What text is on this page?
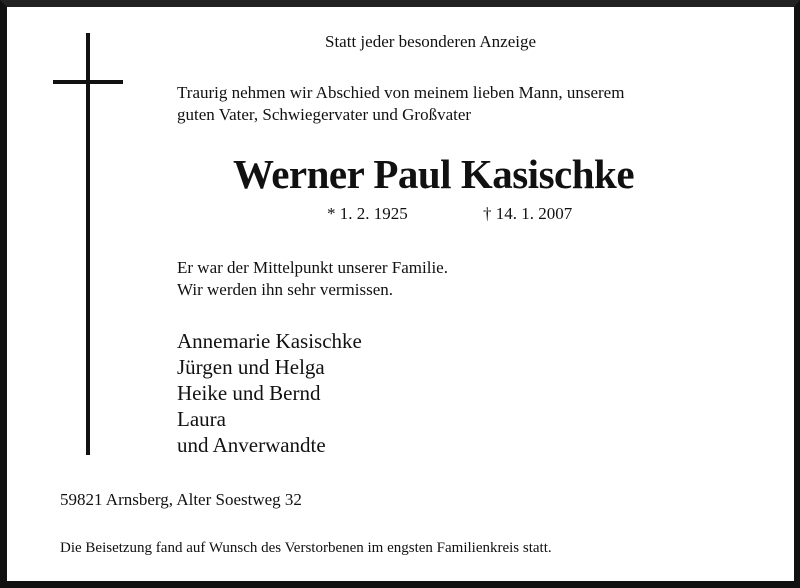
Statt jeder besonderen Anzeige
Traurig nehmen wir Abschied von meinem lieben Mann, unserem
guten Vater, Schwiegervater und Großvater
Werner Paul Kasischke
* 1. 2. 1925	† 14. 1. 2007
Er war der Mittelpunkt unserer Familie.
Wir werden ihn sehr vermissen.
Annemarie Kasischke
Jürgen und Helga
Heike und Bernd
Laura
und Anverwandte
59821 Arnsberg, Alter Soestweg 32
Die Beisetzung fand auf Wunsch des Verstorbenen im engsten Familienkreis statt.
